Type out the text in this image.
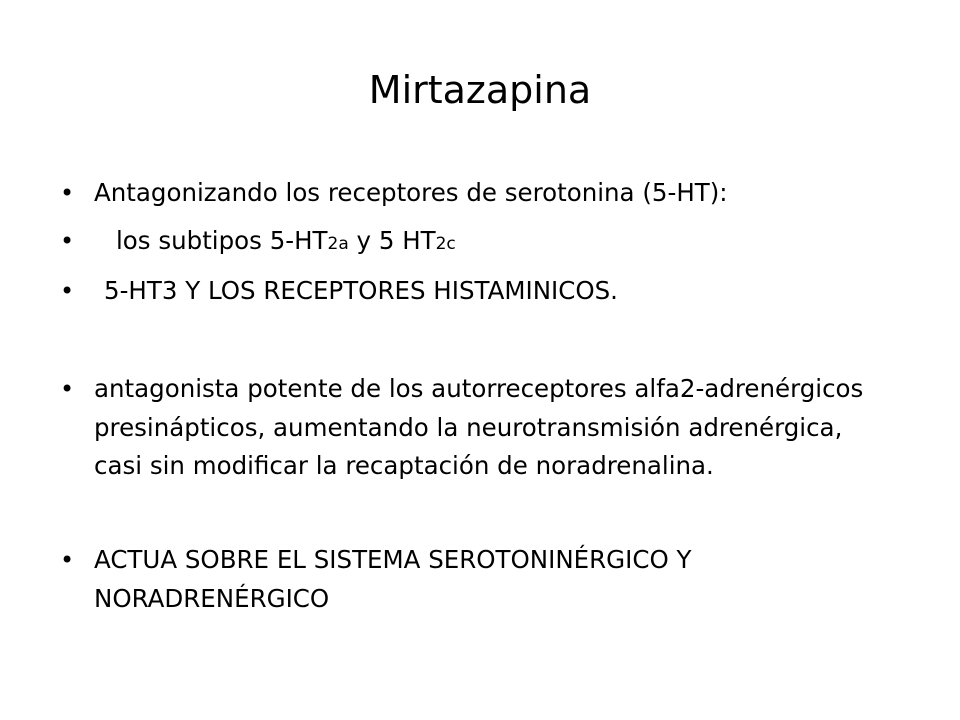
Mirtazapina
• Antagonizando los receptores de serotonina (5-HT):
• los subtipos 5-HT2a y 5 HT2c
• 5-HT3 Y LOS RECEPTORES HISTAMINICOS.
• antagonista potente de los autorreceptores alfa2-adrenérgicos presinápticos, aumentando la neurotransmisión adrenérgica, casi sin modificar la recaptación de noradrenalina.
• ACTUA SOBRE EL SISTEMA SEROTONINÉRGICO Y NORADRENÉRGICO
